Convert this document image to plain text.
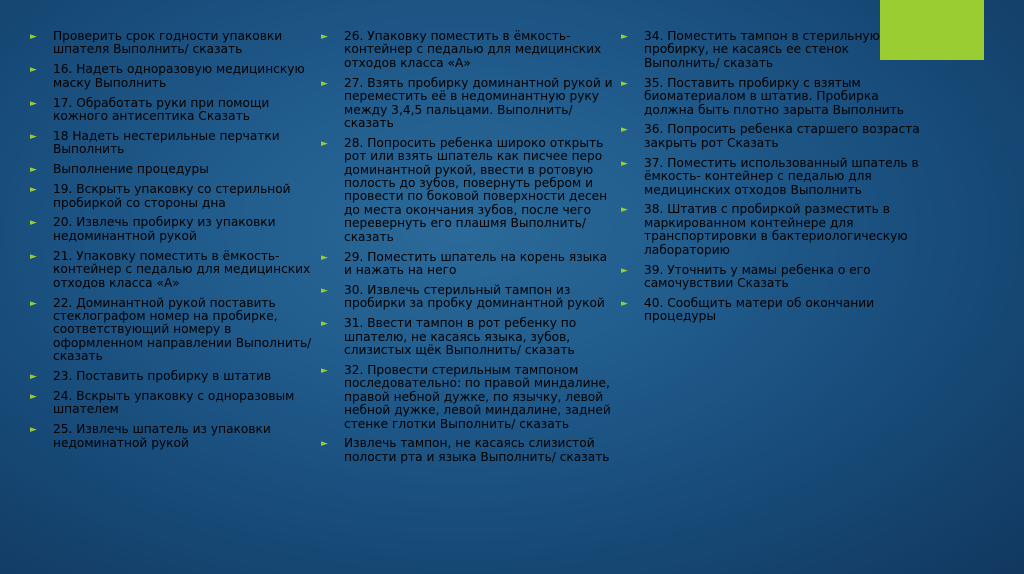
► Проверить срок годности упаковки шпателя Выполнить/ сказать
► 16. Надеть одноразовую медицинскую маску Выполнить
► 17. Обработать руки при помощи кожного антисептика Сказать
► 18 Надеть нестерильные перчатки Выполнить
► Выполнение процедуры
► 19. Вскрыть упаковку со стерильной пробиркой со стороны дна
► 20. Извлечь пробирку из упаковки недоминантной рукой
► 21. Упаковку поместить в ёмкость-контейнер с педалью для медицинских отходов класса «А»
► 22. Доминантной рукой поставить стеклографом номер на пробирке, соответствующий номеру в оформленном направлении Выполнить/ сказать
► 23. Поставить пробирку в штатив
► 24. Вскрыть упаковку с одноразовым шпателем
► 25. Извлечь шпатель из упаковки недоминатной рукой
► 26. Упаковку поместить в ёмкость-контейнер с педалью для медицинских отходов класса «А»
► 27. Взять пробирку доминантной рукой и переместить её в недоминантную руку между 3,4,5 пальцами. Выполнить/ сказать
► 28. Попросить ребенка широко открыть рот или взять шпатель как писчее перо доминантной рукой, ввести в ротовую полость до зубов, повернуть ребром и провести по боковой поверхности десен до места окончания зубов, после чего перевернуть его плашмя Выполнить/ сказать
► 29. Поместить шпатель на корень языка и нажать на него
► 30. Извлечь стерильный тампон из пробирки за пробку доминантной рукой
► 31. Ввести тампон в рот ребенку по шпателю, не касаясь языка, зубов, слизистых щёк Выполнить/ сказать
► 32. Провести стерильным тампоном последовательно: по правой миндалине, правой небной дужке, по язычку, левой небной дужке, левой миндалине, задней стенке глотки Выполнить/ сказать
► Извлечь тампон, не касаясь слизистой полости рта и языка Выполнить/ сказать
► 34. Поместить тампон в стерильную пробирку, не касаясь ее стенок Выполнить/ сказать
► 35. Поставить пробирку с взятым биоматериалом в штатив. Пробирка должна быть плотно зарыта Выполнить
► 36. Попросить ребенка старшего возраста закрыть рот Сказать
► 37. Поместить использованный шпатель в ёмкость- контейнер с педалью для медицинских отходов Выполнить
► 38. Штатив с пробиркой разместить в маркированном контейнере для транспортировки в бактериологическую лабораторию
► 39. Уточнить у мамы ребенка о его самочувствии Сказать
► 40. Сообщить матери об окончании процедуры
